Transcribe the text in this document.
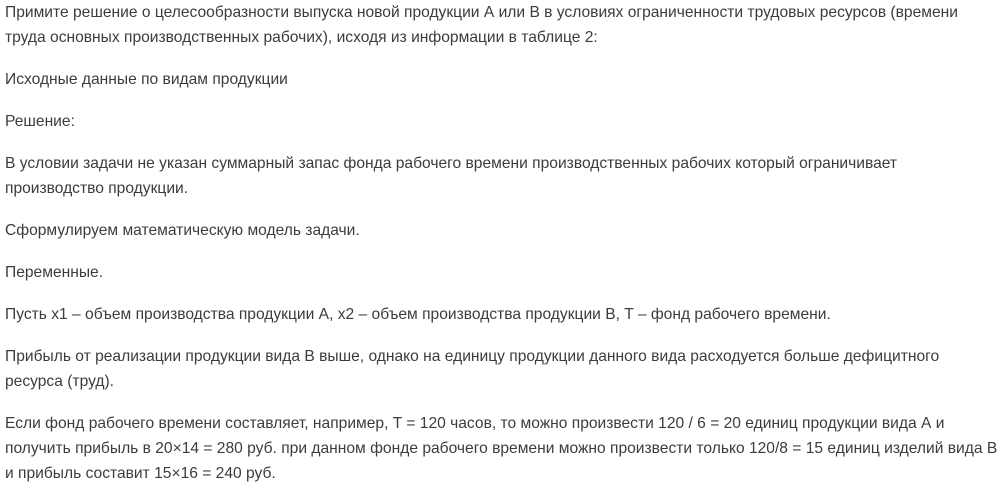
Примите решение о целесообразности выпуска новой продукции А или В в условиях ограниченности трудовых ресурсов (времени труда основных производственных рабочих), исходя из информации в таблице 2:

Исходные данные по видам продукции

Решение:

В условии задачи не указан суммарный запас фонда рабочего времени производственных рабочих который ограничивает производство продукции.

Сформулируем математическую модель задачи.

Переменные.

Пусть x1 – объем производства продукции А, x2 – объем производства продукции В, T – фонд рабочего времени.

Прибыль от реализации продукции вида В выше, однако на единицу продукции данного вида расходуется больше дефицитного ресурса (труд).

Если фонд рабочего времени составляет, например, T = 120 часов, то можно произвести 120 / 6 = 20 единиц продукции вида А и получить прибыль в 20×14 = 280 руб. при данном фонде рабочего времени можно произвести только 120/8 = 15 единиц изделий вида В и прибыль составит 15×16 = 240 руб.
